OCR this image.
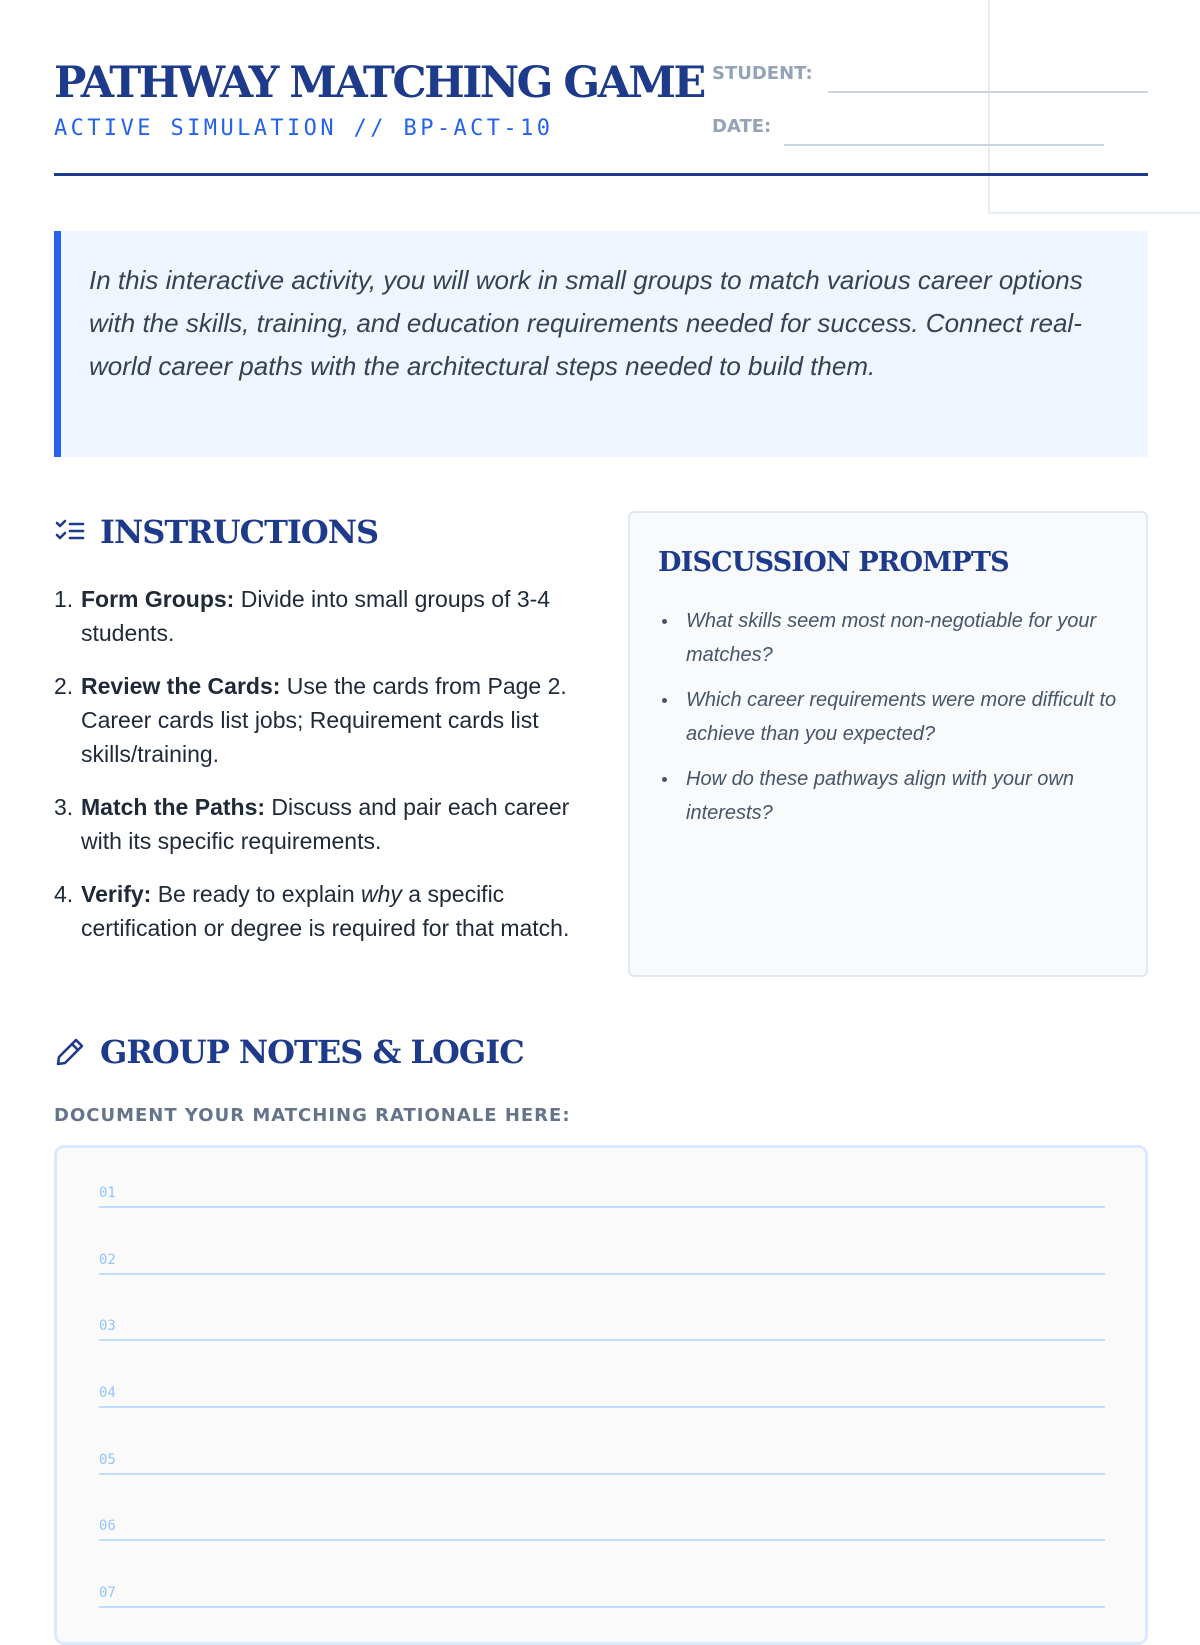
PATHWAY MATCHING GAME
ACTIVE SIMULATION // BP-ACT-10
STUDENT:
DATE:

In this interactive activity, you will work in small groups to match various career options with the skills, training, and education requirements needed for success. Connect real-world career paths with the architectural steps needed to build them.

INSTRUCTIONS
1. Form Groups: Divide into small groups of 3-4 students.
2. Review the Cards: Use the cards from Page 2. Career cards list jobs; Requirement cards list skills/training.
3. Match the Paths: Discuss and pair each career with its specific requirements.
4. Verify: Be ready to explain why a specific certification or degree is required for that match.
DISCUSSION PROMPTS
What skills seem most non-negotiable for your matches?
Which career requirements were more difficult to achieve than you expected?
How do these pathways align with your own interests?
GROUP NOTES & LOGIC
DOCUMENT YOUR MATCHING RATIONALE HERE:
01
02
03
04
05
06
07
